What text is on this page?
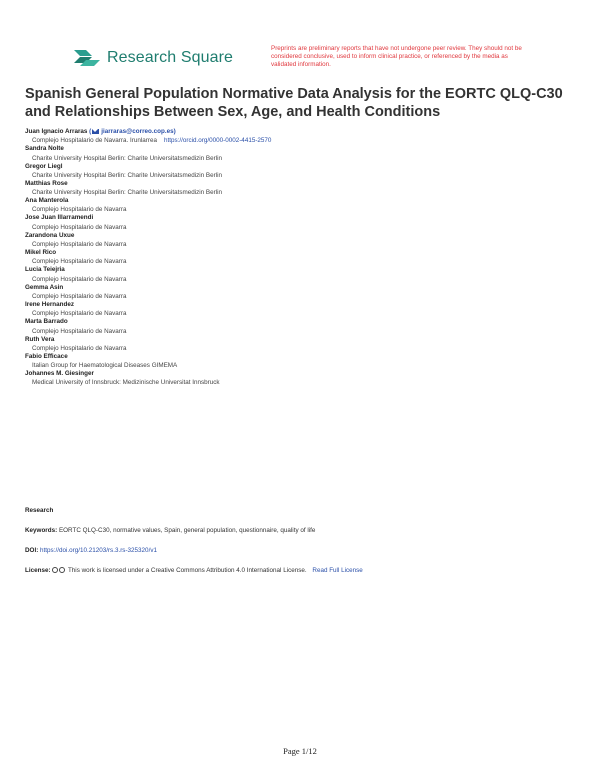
Research Square
Preprints are preliminary reports that have not undergone peer review. They should not be considered conclusive, used to inform clinical practice, or referenced by the media as validated information.
Spanish General Population Normative Data Analysis for the EORTC QLQ-C30 and Relationships Between Sex, Age, and Health Conditions
Juan Ignacio Arraras ( jiarraras@correo.cop.es)
Complejo Hospitalario de Navarra. Irunlarrea https://orcid.org/0000-0002-4415-2570
Sandra Nolte
Charite University Hospital Berlin: Charite Universitatsmedizin Berlin
Gregor Liegl
Charite University Hospital Berlin: Charite Universitatsmedizin Berlin
Matthias Rose
Charite University Hospital Berlin: Charite Universitatsmedizin Berlin
Ana Manterola
Complejo Hospitalario de Navarra
Jose Juan Illarramendi
Complejo Hospitalario de Navarra
Zarandona Uxue
Complejo Hospitalario de Navarra
Mikel Rico
Complejo Hospitalario de Navarra
Lucia Teiejria
Complejo Hospitalario de Navarra
Gemma Asin
Complejo Hospitalario de Navarra
Irene Hernandez
Complejo Hospitalario de Navarra
Marta Barrado
Complejo Hospitalario de Navarra
Ruth Vera
Complejo Hospitalario de Navarra
Fabio Efficace
Italian Group for Haematological Diseases GIMEMA
Johannes M. Giesinger
Medical University of Innsbruck: Medizinische Universitat Innsbruck
Research
Keywords: EORTC QLQ-C30, normative values, Spain, general population, questionnaire, quality of life
DOI: https://doi.org/10.21203/rs.3.rs-325320/v1
License:	This work is licensed under a Creative Commons Attribution 4.0 International License. Read Full License
Page 1/12
